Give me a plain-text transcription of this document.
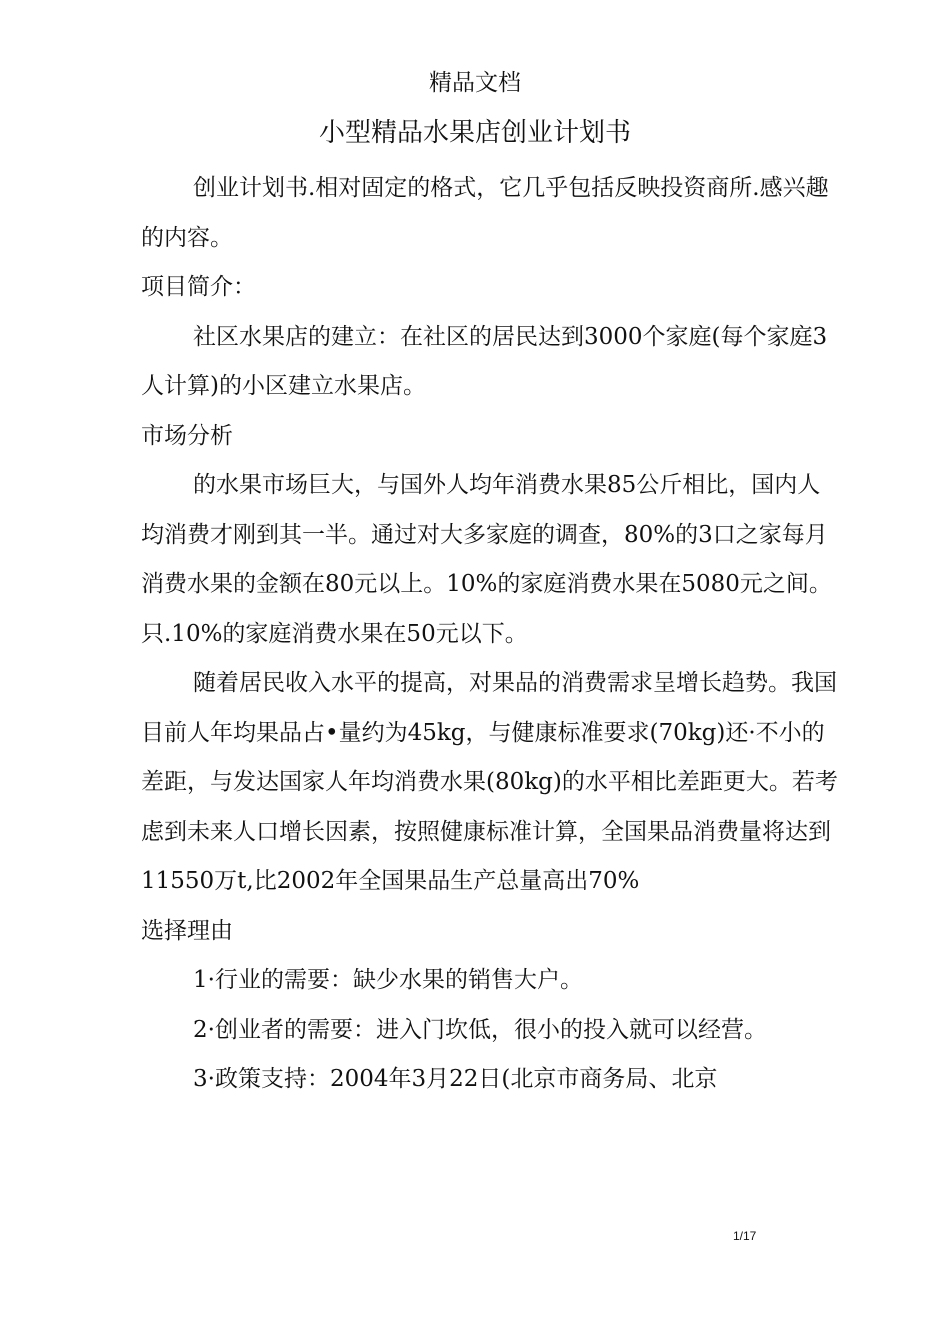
精品文档
小型精品水果店创业计划书

创业计划书.相对固定的格式，它几乎包括反映投资商所.感兴趣的内容。

项目简介：

社区水果店的建立：在社区的居民达到3000个家庭(每个家庭3人计算)的小区建立水果店。

市场分析

的水果市场巨大，与国外人均年消费水果85公斤相比，国内人均消费才刚到其一半。通过对大多家庭的调查，80%的3口之家每月消费水果的金额在80元以上。10%的家庭消费水果在5080元之间。只.10%的家庭消费水果在50元以下。

随着居民收入水平的提高，对果品的消费需求呈增长趋势。我国目前人年均果品占•量约为45kg，与健康标准要求(70kg)还·不小的差距，与发达国家人年均消费水果(80kg)的水平相比差距更大。若考虑到未来人口增长因素，按照健康标准计算，全国果品消费量将达到11550万t,比2002年全国果品生产总量高出70%

选择理由

1·行业的需要：缺少水果的销售大户。

2·创业者的需要：进入门坎低，很小的投入就可以经营。

3·政策支持：2004年3月22日(北京市商务局、北京

1/17
